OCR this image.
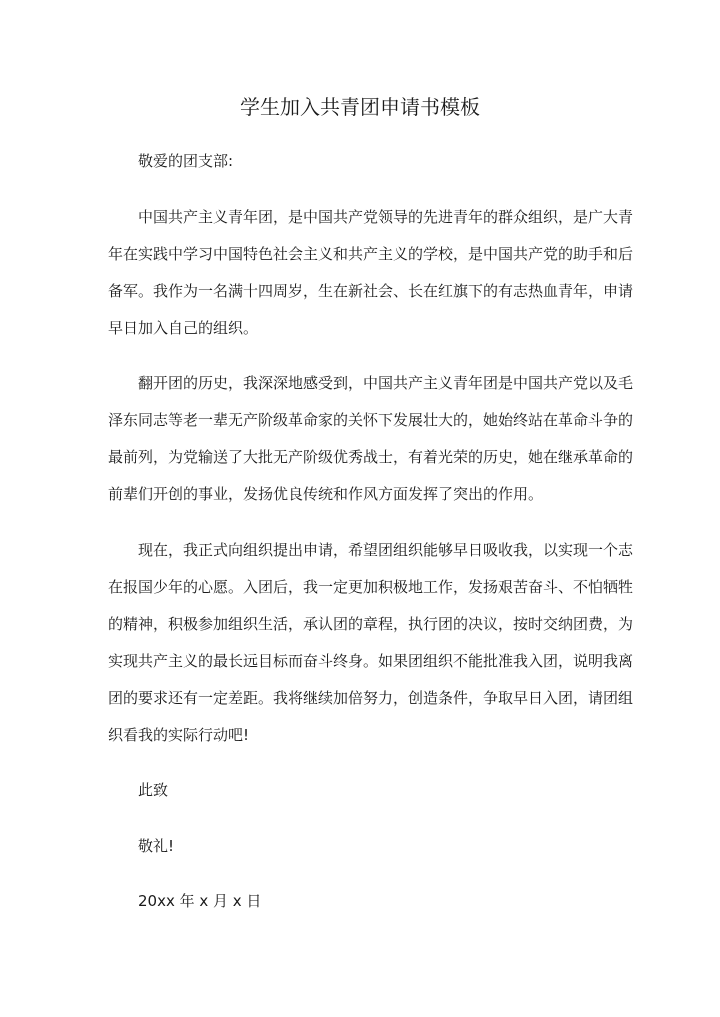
学生加入共青团申请书模板
敬爱的团支部:
中国共产主义青年团，是中国共产党领导的先进青年的群众组织，是广大青
年在实践中学习中国特色社会主义和共产主义的学校，是中国共产党的助手和后
备军。我作为一名满十四周岁，生在新社会、长在红旗下的有志热血青年，申请
早日加入自己的组织。
翻开团的历史，我深深地感受到，中国共产主义青年团是中国共产党以及毛
泽东同志等老一辈无产阶级革命家的关怀下发展壮大的，她始终站在革命斗争的
最前列，为党输送了大批无产阶级优秀战士，有着光荣的历史，她在继承革命的
前辈们开创的事业，发扬优良传统和作风方面发挥了突出的作用。
现在，我正式向组织提出申请，希望团组织能够早日吸收我，以实现一个志
在报国少年的心愿。入团后，我一定更加积极地工作，发扬艰苦奋斗、不怕牺牲
的精神，积极参加组织生活，承认团的章程，执行团的决议，按时交纳团费，为
实现共产主义的最长远目标而奋斗终身。如果团组织不能批准我入团，说明我离
团的要求还有一定差距。我将继续加倍努力，创造条件，争取早日入团，请团组
织看我的实际行动吧!
此致
敬礼!
20xx 年 x 月 x 日
